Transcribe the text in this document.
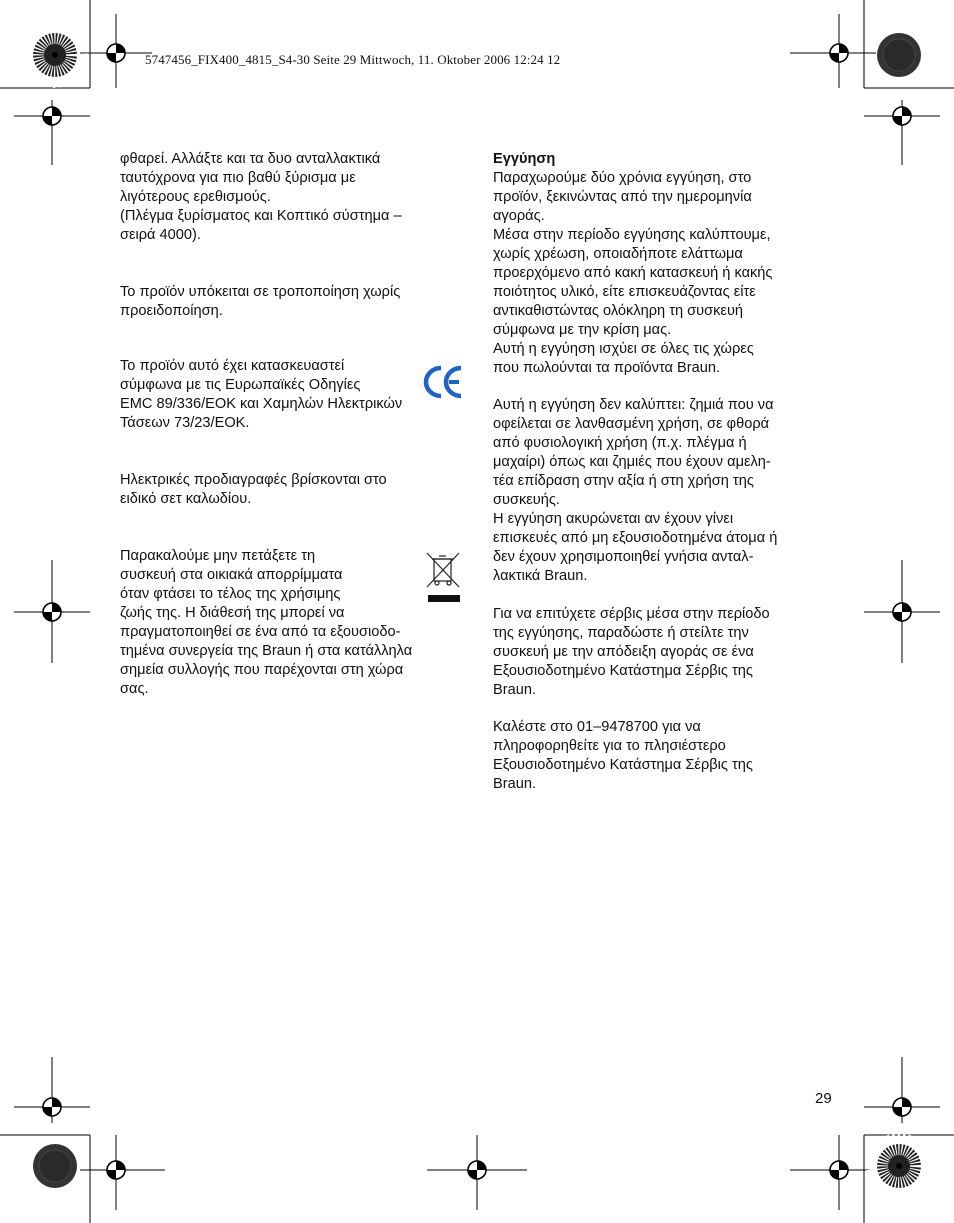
5747456_FIX400_4815_S4-30 Seite 29 Mittwoch, 11. Oktober 2006 12:24 12

φθαρεί. Αλλάξτε και τα δυο ανταλλακτικά
ταυτόχρονα για πιο βαθύ ξύρισμα με
λιγότερους ερεθισμούς.
(Πλέγμα ξυρίσματος και Κοπτικό σύστημα –
σειρά 4000).

Το προϊόν υπόκειται σε τροποποίηση χωρίς
προειδοποίηση.

Το προϊόν αυτό έχει κατασκευαστεί
σύμφωνα με τις Ευρωπαϊκές Οδηγίες
EMC 89/336/EOK και Χαμηλών Ηλεκτρικών
Τάσεων 73/23/EOK.

Ηλεκτρικές προδιαγραφές βρίσκονται στο
ειδικό σετ καλωδίου.

Παρακαλούμε μην πετάξετε τη
συσκευή στα οικιακά απορρίμματα
όταν φτάσει το τέλος της χρήσιμης
ζωής της. Η διάθεσή της μπορεί να

πραγματοποιηθεί σε ένα από τα εξουσιοδο-
τημένα συνεργεία της Braun ή στα κατάλληλα
σημεία συλλογής που παρέχονται στη χώρα
σας.

Εγγύηση

Παραχωρούμε δύο χρόνια εγγύηση, στο
προϊόν, ξεκινώντας από την ημερομηνία
αγοράς.
Μέσα στην περίοδο εγγύησης καλύπτουμε,
χωρίς χρέωση, οποιαδήποτε ελάττωμα
προερχόμενο από κακή κατασκευή ή κακής
ποιότητος υλικό, είτε επισκευάζοντας είτε
αντικαθιστώντας ολόκληρη τη συσκευή
σύμφωνα με την κρίση μας.
Αυτή η εγγύηση ισχύει σε όλες τις χώρες
που πωλούνται τα προϊόντα Braun.

Αυτή η εγγύηση δεν καλύπτει: ζημιά που να
οφείλεται σε λανθασμένη χρήση, σε φθορά
από φυσιολογική χρήση (π.χ. πλέγμα ή
μαχαίρι) όπως και ζημιές που έχουν αμελη-
τέα επίδραση στην αξία ή στη χρήση της
συσκευής.
Η εγγύηση ακυρώνεται αν έχουν γίνει
επισκευές από μη εξουσιοδοτημένα άτομα ή
δεν έχουν χρησιμοποιηθεί γνήσια ανταλ-
λακτικά Braun.

Για να επιτύχετε σέρβις μέσα στην περίοδο
της εγγύησης, παραδώστε ή στείλτε την
συσκευή με την απόδειξη αγοράς σε ένα
Εξουσιοδοτημένο Κατάστημα Σέρβις της
Braun.

Καλέστε στο 01–9478700 για να
πληροφορηθείτε για το πλησιέστερο
Εξουσιοδοτημένο Κατάστημα Σέρβις της
Braun.

29
